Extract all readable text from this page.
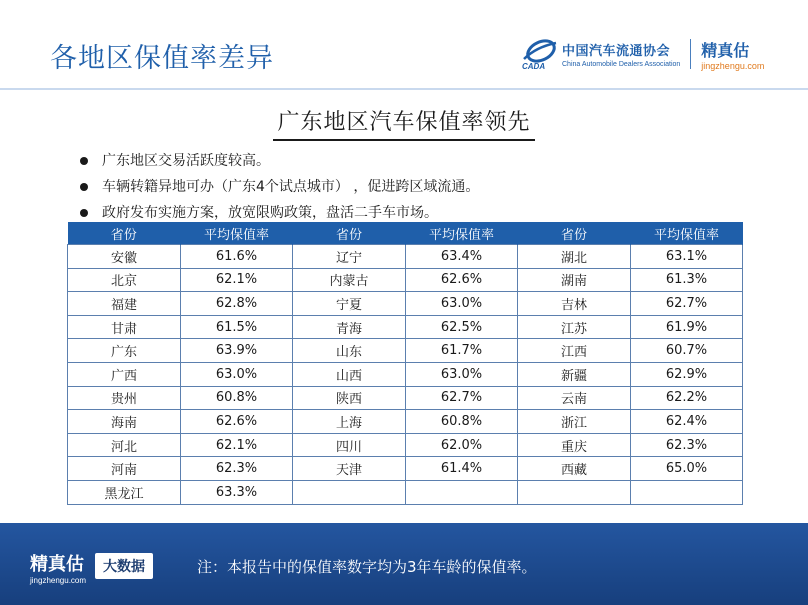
各地区保值率差异	CADA
中国汽车流通协会
China Automobile Dealers Association
精真估
jingzhengu.com
广东地区汽车保值率领先
广东地区交易活跃度较高。
车辆转籍异地可办（广东4个试点城市） ，促进跨区域流通。
政府发布实施方案，放宽限购政策，盘活二手车市场。
省份	平均保值率	省份	平均保值率	省份	平均保值率
安徽	61.6%	辽宁	63.4%	湖北	63.1%
北京	62.1%	内蒙古	62.6%	湖南	61.3%
福建	62.8%	宁夏	63.0%	吉林	62.7%
甘肃	61.5%	青海	62.5%	江苏	61.9%
广东	63.9%	山东	61.7%	江西	60.7%
广西	63.0%	山西	63.0%	新疆	62.9%
贵州	60.8%	陕西	62.7%	云南	62.2%
海南	62.6%	上海	60.8%	浙江	62.4%
河北	62.1%	四川	62.0%	重庆	62.3%
河南	62.3%	天津	61.4%	西藏	65.0%
黑龙江	63.3%				
精真估
jingzhengu.com
大数据	注：本报告中的保值率数字均为3年车龄的保值率。
